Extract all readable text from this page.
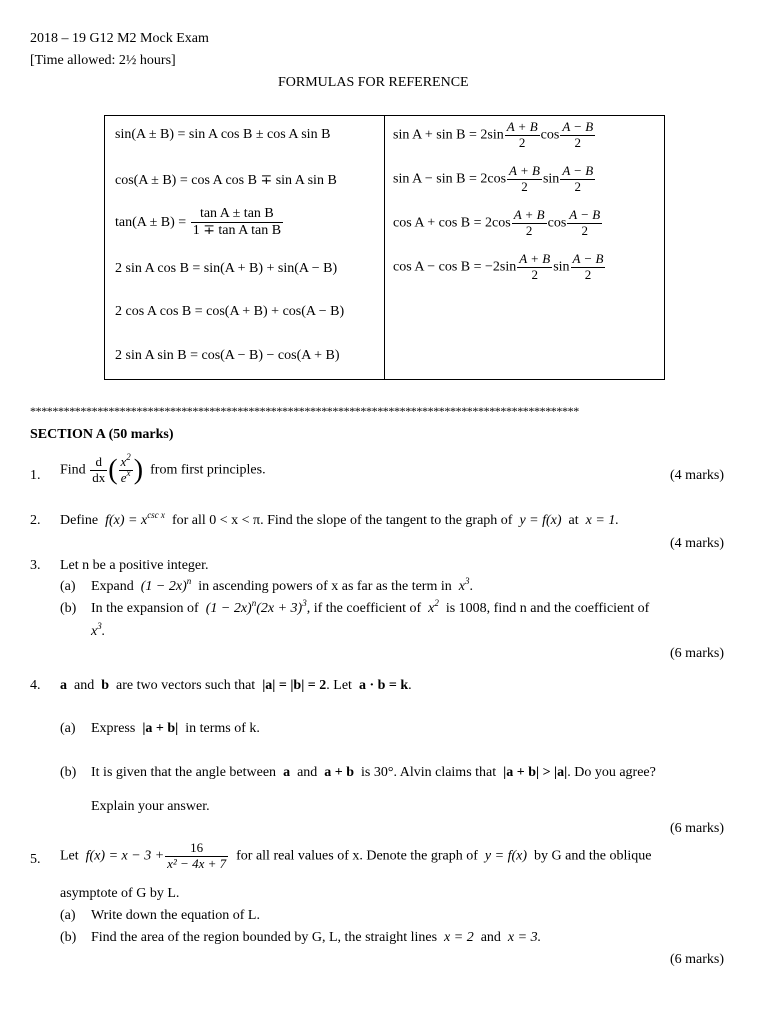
2018 – 19 G12 M2 Mock Exam
[Time allowed: 2½ hours]
FORMULAS FOR REFERENCE
sin(A ± B) = sin A cos B ± cos A sin B
cos(A ± B) = cos A cos B ∓ sin A sin B
$\tan(A \pm B) = \frac{\text{tan A ± tan B}}{\text{1 ∓ tan A tan B}}$
2 sin A cos B = sin(A + B) + sin(A − B)
2 cos A cos B = cos(A + B) + cos(A − B)
2 sin A sin B = cos(A − B) − cos(A + B)
$\sin A + \sin B = 2\sin \frac{A + B}{2}$ $\cos \frac{A - B}{2}$
$\sin A - \sin B = 2\cos \frac{A + B}{2}$ $\sin \frac{A - B}{2}$
$\cos A + \cos B = 2\cos \frac{A + B}{2}$ $\cos \frac{A - B}{2}$
$\cos A - \cos B = -2\sin \frac{A + B}{2}$ $\sin \frac{A - B}{2}$
**************************************************************************************************
SECTION A (50 marks)
1. Find $\frac{d}{dx}$ ( $\frac{x^2}{e^x}$ ) from first principles.	(4 marks)
2. Define $f(x) = x^{csc x}$ for all 0 < x < π. Find the slope of the tangent to the graph of y = f(x) at x = 1.
(4 marks)
3. Let n be a positive integer.
(a) Expand $(1 - 2x)^n$ in ascending powers of x as far as the term in $x^3$.
(b) In the expansion of $(1 - 2x)^n(2x + 3)^3$, if the coefficient of $x^2$ is 1008, find n and the coefficient of
$x^3$.
(6 marks)
4. a and b are two vectors such that |a| = |b| = 2. Let a · b = k.
(a) Express |a + b| in terms of k.
(b) It is given that the angle between a and a + b is 30°. Alvin claims that |a + b| > |a|. Do you agree?
Explain your answer.
(6 marks)
5. Let $f(x) = x - 3 + \frac{16}{\text{x² − 4x + 7}}$ for all real values of x. Denote the graph of y = f(x) by G and the oblique
asymptote of G by L.
(a) Write down the equation of L.
(b) Find the area of the region bounded by G, L, the straight lines x = 2 and x = 3.
(6 marks)
